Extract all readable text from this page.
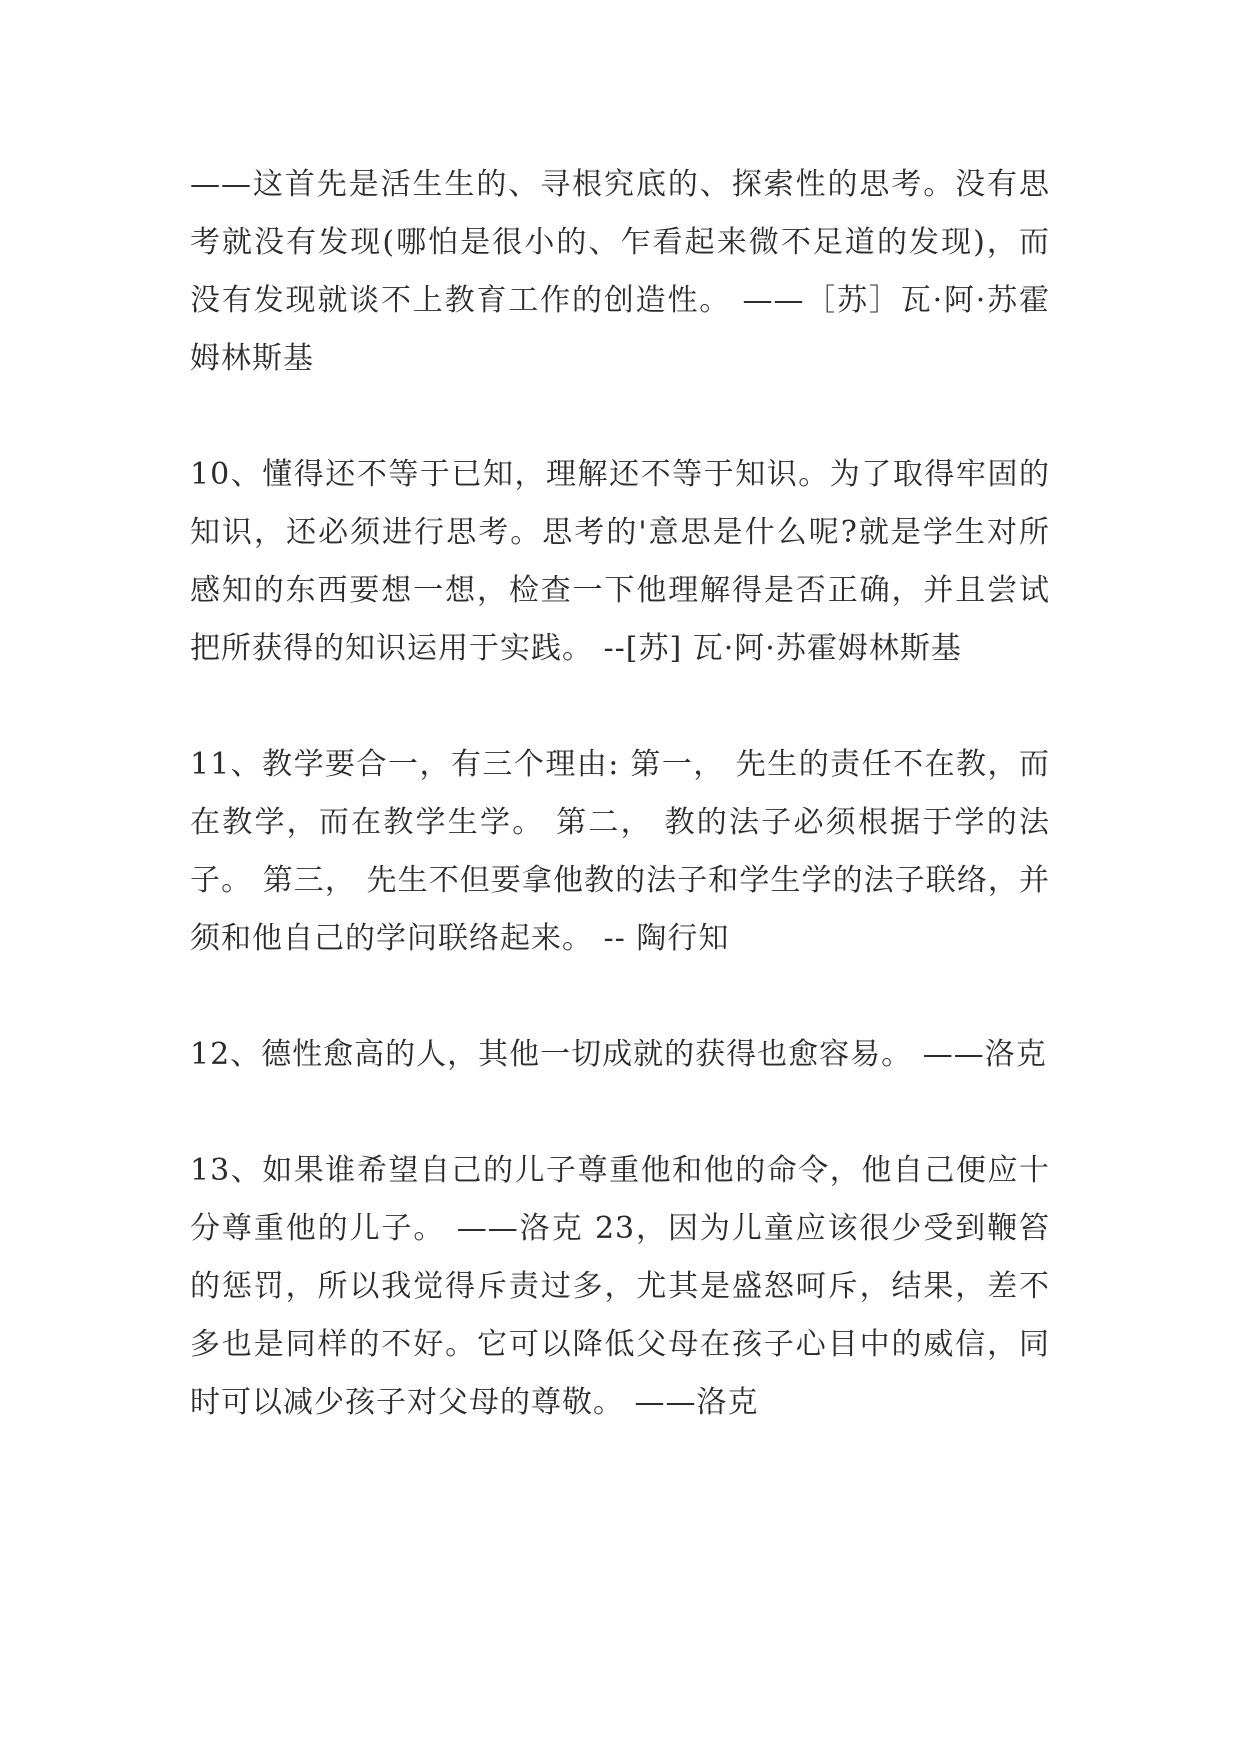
——这首先是活生生的、寻根究底的、探索性的思考。没有思考就没有发现(哪怕是很小的、乍看起来微不足道的发现)，而没有发现就谈不上教育工作的创造性。 ——［苏］瓦·阿·苏霍姆林斯基

10、懂得还不等于已知，理解还不等于知识。为了取得牢固的知识，还必须进行思考。思考的'意思是什么呢?就是学生对所感知的东西要想一想，检查一下他理解得是否正确，并且尝试把所获得的知识运用于实践。 --[苏] 瓦·阿·苏霍姆林斯基

11、教学要合一，有三个理由: 第一， 先生的责任不在教，而在教学，而在教学生学。 第二， 教的法子必须根据于学的法子。 第三， 先生不但要拿他教的法子和学生学的法子联络，并须和他自己的学问联络起来。 -- 陶行知

12、德性愈高的人，其他一切成就的获得也愈容易。 ——洛克

13、如果谁希望自己的儿子尊重他和他的命令，他自己便应十分尊重他的儿子。 ——洛克 23，因为儿童应该很少受到鞭笞的惩罚，所以我觉得斥责过多，尤其是盛怒呵斥，结果，差不多也是同样的不好。它可以降低父母在孩子心目中的威信，同时可以减少孩子对父母的尊敬。 ——洛克
